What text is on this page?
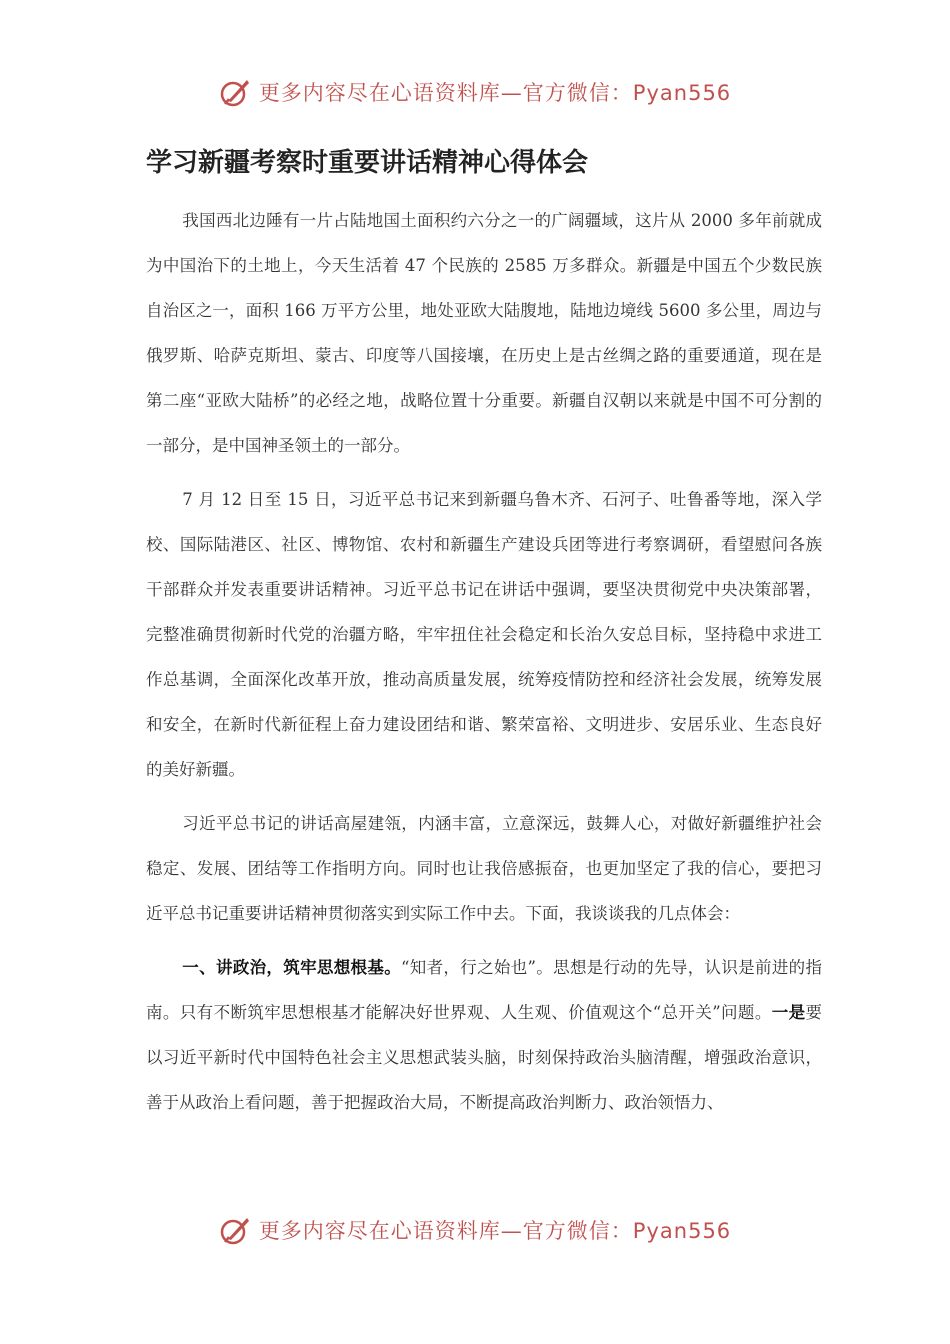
更多内容尽在心语资料库—官方微信：Pyan556
学习新疆考察时重要讲话精神心得体会

我国西北边陲有一片占陆地国土面积约六分之一的广阔疆域，这片从 2000 多年前就成为中国治下的土地上，今天生活着 47 个民族的 2585 万多群众。新疆是中国五个少数民族自治区之一，面积 166 万平方公里，地处亚欧大陆腹地，陆地边境线 5600 多公里，周边与俄罗斯、哈萨克斯坦、蒙古、印度等八国接壤，在历史上是古丝绸之路的重要通道，现在是第二座“亚欧大陆桥”的必经之地，战略位置十分重要。新疆自汉朝以来就是中国不可分割的一部分，是中国神圣领土的一部分。

7 月 12 日至 15 日，习近平总书记来到新疆乌鲁木齐、石河子、吐鲁番等地，深入学校、国际陆港区、社区、博物馆、农村和新疆生产建设兵团等进行考察调研，看望慰问各族干部群众并发表重要讲话精神。习近平总书记在讲话中强调，要坚决贯彻党中央决策部署，完整准确贯彻新时代党的治疆方略，牢牢扭住社会稳定和长治久安总目标，坚持稳中求进工作总基调，全面深化改革开放，推动高质量发展，统筹疫情防控和经济社会发展，统筹发展和安全，在新时代新征程上奋力建设团结和谐、繁荣富裕、文明进步、安居乐业、生态良好的美好新疆。

习近平总书记的讲话高屋建瓴，内涵丰富，立意深远，鼓舞人心，对做好新疆维护社会稳定、发展、团结等工作指明方向。同时也让我倍感振奋，也更加坚定了我的信心，要把习近平总书记重要讲话精神贯彻落实到实际工作中去。下面，我谈谈我的几点体会：

一、讲政治，筑牢思想根基。“知者，行之始也”。思想是行动的先导，认识是前进的指南。只有不断筑牢思想根基才能解决好世界观、人生观、价值观这个“总开关”问题。一是要以习近平新时代中国特色社会主义思想武装头脑，时刻保持政治头脑清醒，增强政治意识，善于从政治上看问题，善于把握政治大局，不断提高政治判断力、政治领悟力、

更多内容尽在心语资料库—官方微信：Pyan556
